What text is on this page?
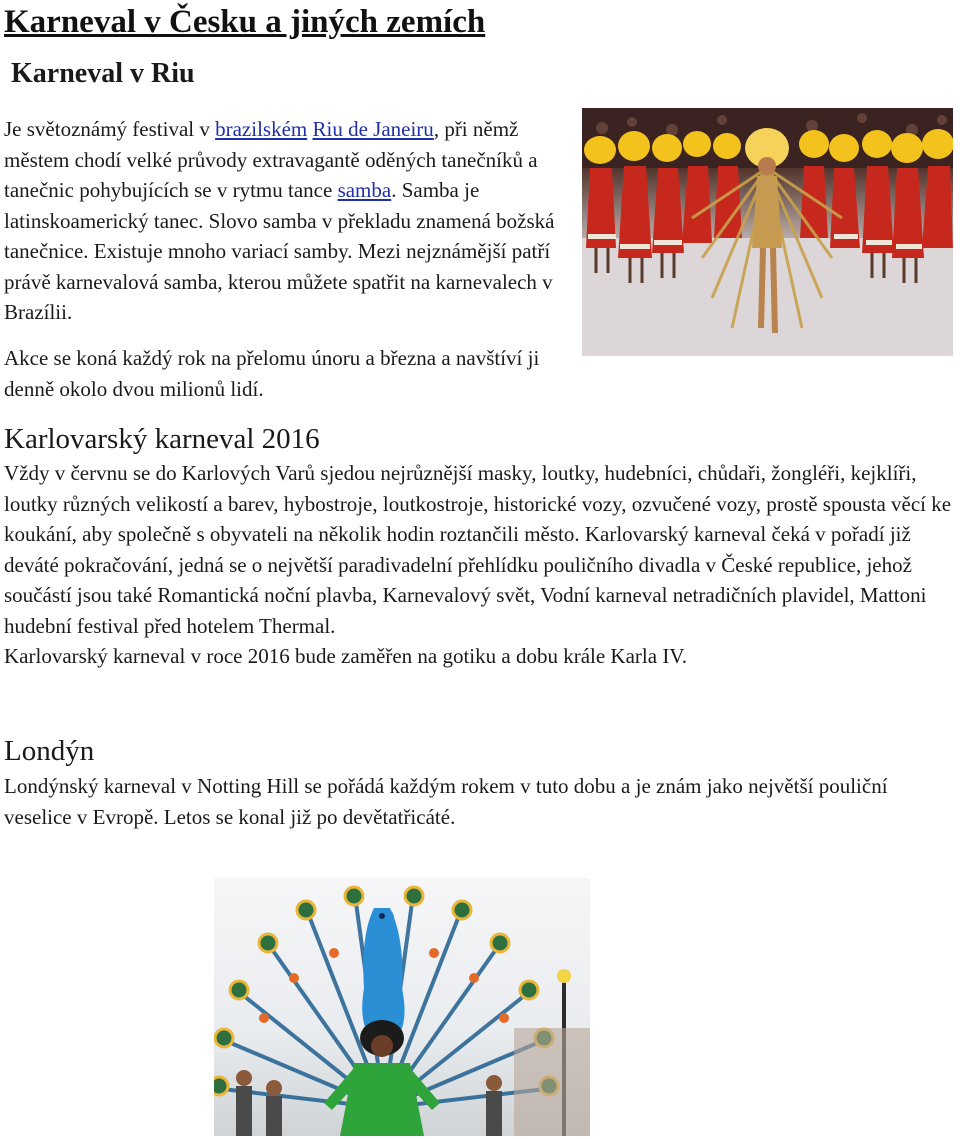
Karneval v Česku a jiných zemích
Karneval v Riu

Je světoznámý festival v brazilském Riu de Janeiru, při němž městem chodí velké průvody extravagantě oděných tanečníků a tanečnic pohybujících se v rytmu tance samba. Samba je latinskoamerický tanec. Slovo samba v překladu znamená božská tanečnice. Existuje mnoho variací samby. Mezi nejznámější patří právě karnevalová samba, kterou můžete spatřit na karnevalech v Brazílii.

Akce se koná každý rok na přelomu únoru a března a navštíví ji denně okolo dvou milionů lidí.

Karlovarský karneval 2016

Vždy v červnu se do Karlových Varů sjedou nejrůznější masky, loutky, hudebníci, chůdaři, žongléři, kejklíři, loutky různých velikostí a barev, hybostroje, loutkostroje, historické vozy, ozvučené vozy, prostě spousta věcí ke koukání, aby společně s obyvateli na několik hodin roztančili město. Karlovarský karneval čeká v pořadí již deváté pokračování, jedná se o největší paradivadelní přehlídku pouličního divadla v České republice, jehož součástí jsou také Romantická noční plavba, Karnevalový svět, Vodní karneval netradičních plavidel, Mattoni hudební festival před hotelem Thermal.

Karlovarský karneval v roce 2016 bude zaměřen na gotiku a dobu krále Karla IV.

Londýn

Londýnský karneval v Notting Hill se pořádá každým rokem v tuto dobu a je znám jako největší pouliční veselice v Evropě. Letos se konal již po devětatřicáté.
